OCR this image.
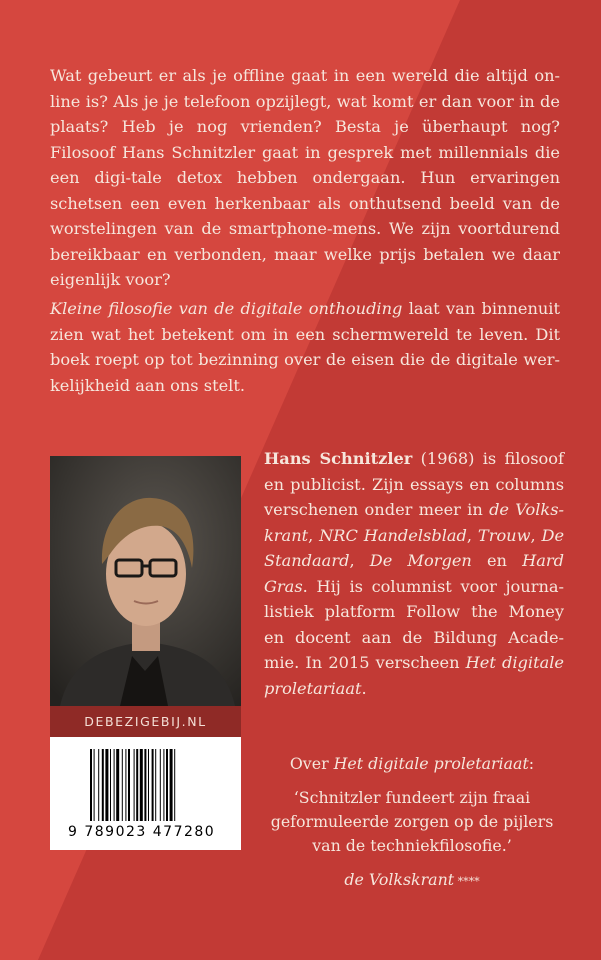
Wat gebeurt er als je offline gaat in een wereld die altijd on-line is? Als je je telefoon opzijlegt, wat komt er dan voor in de plaats? Heb je nog vrienden? Besta je überhaupt nog? Filosoof Hans Schnitzler gaat in gesprek met millennials die een digi-tale detox hebben ondergaan. Hun ervaringen schetsen een even herkenbaar als onthutsend beeld van de worstelingen van de smartphone-mens. We zijn voortdurend bereikbaar en verbonden, maar welke prijs betalen we daar eigenlijk voor?
Kleine filosofie van de digitale onthouding laat van binnenuit zien wat het betekent om in een schermwereld te leven. Dit boek roept op tot bezinning over de eisen die de digitale wer-kelijkheid aan ons stelt.
DEBEZIGEBIJ.NL
9 789023 477280
Hans Schnitzler (1968) is filosoof en publicist. Zijn essays en columns verschenen onder meer in de Volks-krant, NRC Handelsblad, Trouw, De Standaard, De Morgen en Hard Gras. Hij is columnist voor journa-listiek platform Follow the Money en docent aan de Bildung Acade-mie. In 2015 verscheen Het digitale proletariaat.
Over Het digitale proletariaat:
‘Schnitzler fundeert zijn fraai geformuleerde zorgen op de pijlers van de techniekfilosofie.’
de Volkskrant ****
